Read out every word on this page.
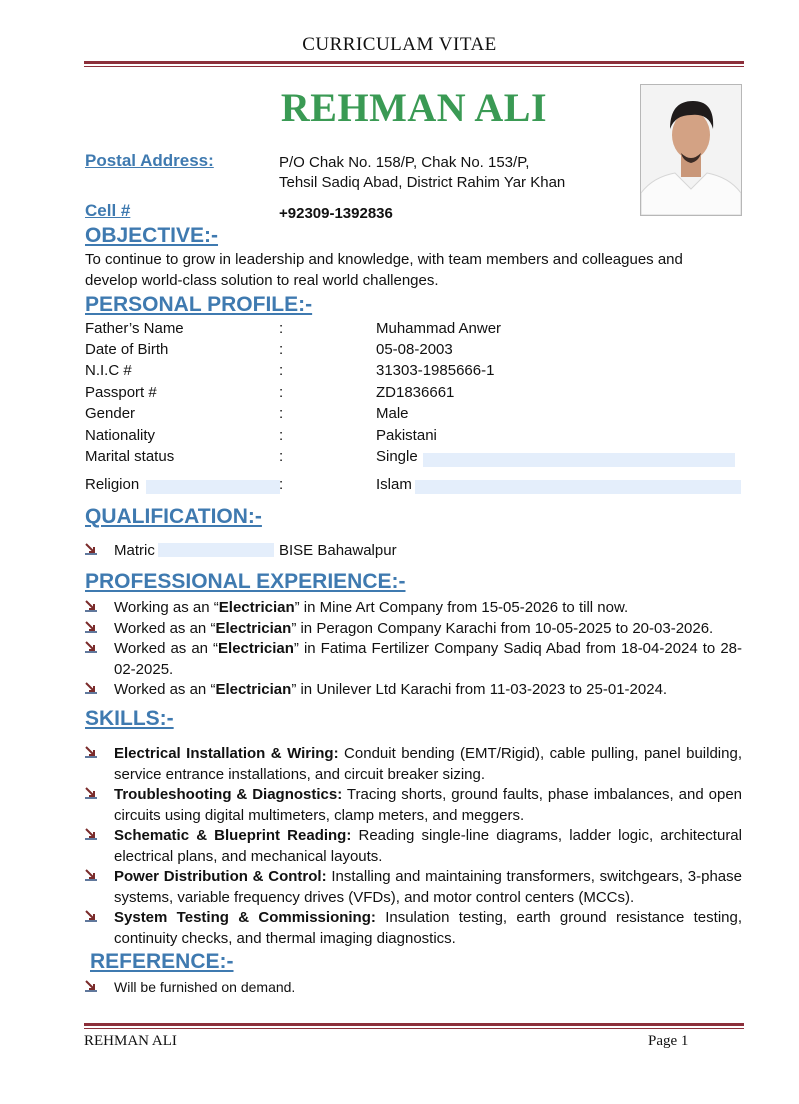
CURRICULAM VITAE
REHMAN ALI
Postal Address:	P/O Chak No. 158/P, Chak No. 153/P,
Tehsil Sadiq Abad, District Rahim Yar Khan
Cell #	+92309-1392836
OBJECTIVE:-
To continue to grow in leadership and knowledge, with team members and colleagues and develop world-class solution to real world challenges.
PERSONAL PROFILE:-
Father’s Name	:	Muhammad Anwer
Date of Birth	:	05-08-2003
N.I.C #	:	31303-1985666-1
Passport #	:	ZD1836661
Gender	:	Male
Nationality	:	Pakistani
Marital status	:	Single
Religion	:	Islam
QUALIFICATION:-
Matric	BISE Bahawalpur
PROFESSIONAL EXPERIENCE:-
Working as an “Electrician” in Mine Art Company from 15-05-2026 to till now.
Worked as an “Electrician” in Peragon Company Karachi from 10-05-2025 to 20-03-2026.
Worked as an “Electrician” in Fatima Fertilizer Company Sadiq Abad from 18-04-2024 to 28-02-2025.
Worked as an “Electrician” in Unilever Ltd Karachi from 11-03-2023 to 25-01-2024.
SKILLS:-
Electrical Installation & Wiring: Conduit bending (EMT/Rigid), cable pulling, panel building, service entrance installations, and circuit breaker sizing.
Troubleshooting & Diagnostics: Tracing shorts, ground faults, phase imbalances, and open circuits using digital multimeters, clamp meters, and meggers.
Schematic & Blueprint Reading: Reading single-line diagrams, ladder logic, architectural electrical plans, and mechanical layouts.
Power Distribution & Control: Installing and maintaining transformers, switchgears, 3-phase systems, variable frequency drives (VFDs), and motor control centers (MCCs).
System Testing & Commissioning: Insulation testing, earth ground resistance testing, continuity checks, and thermal imaging diagnostics.
REFERENCE:-
Will be furnished on demand.
REHMAN ALI	Page 1
